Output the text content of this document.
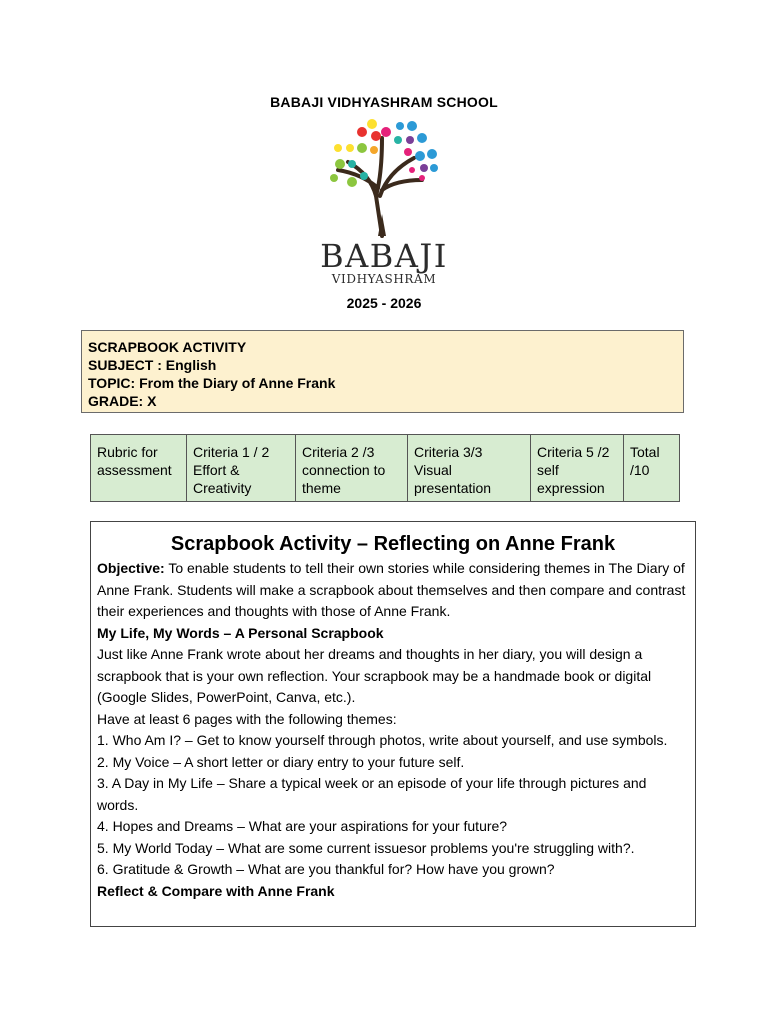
BABAJI VIDHYASHRAM SCHOOL
BABAJI
VIDHYASHRAM
2025 - 2026
SCRAPBOOK ACTIVITY
SUBJECT : English
TOPIC: From the Diary of Anne Frank
GRADE: X
Rubric for assessment	Criteria 1 / 2 Effort & Creativity	Criteria 2 /3 connection to theme	Criteria 3/3 Visual presentation	Criteria 5 /2 self expression	Total /10
Scrapbook Activity – Reflecting on Anne Frank

Objective: To enable students to tell their own stories while considering themes in The Diary of Anne Frank. Students will make a scrapbook about themselves and then compare and contrast their experiences and thoughts with those of Anne Frank.

My Life, My Words – A Personal Scrapbook

Just like Anne Frank wrote about her dreams and thoughts in her diary, you will design a scrapbook that is your own reflection. Your scrapbook may be a handmade book or digital (Google Slides, PowerPoint, Canva, etc.).

Have at least 6 pages with the following themes:

1. Who Am I? – Get to know yourself through photos, write about yourself, and use symbols.

2. My Voice – A short letter or diary entry to your future self.

3. A Day in My Life – Share a typical week or an episode of your life through pictures and words.

4. Hopes and Dreams – What are your aspirations for your future?

5. My World Today – What are some current issuesor problems you're struggling with?.

6. Gratitude & Growth – What are you thankful for? How have you grown?

Reflect & Compare with Anne Frank
